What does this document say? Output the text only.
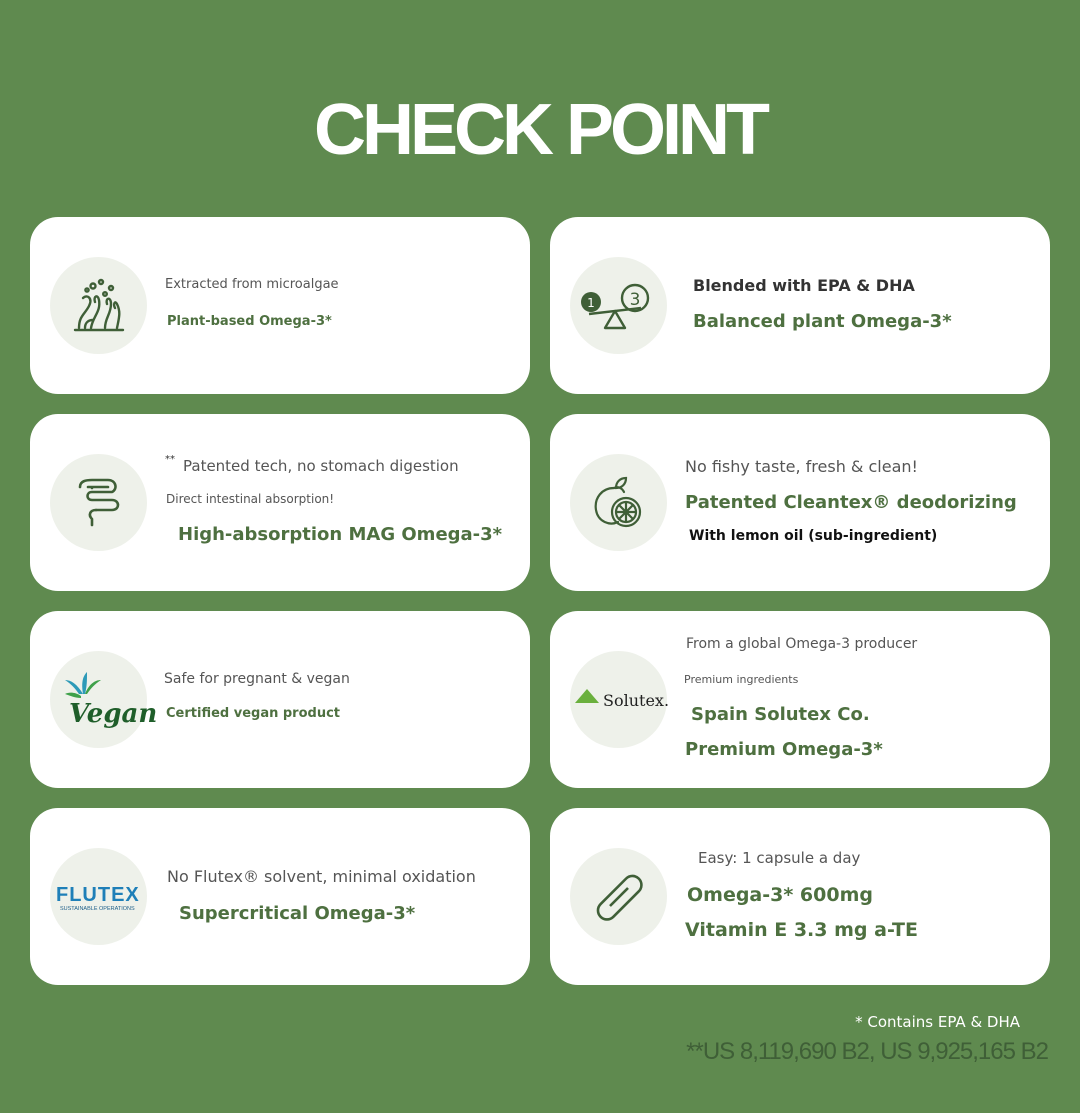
CHECK POINT
Extracted from microalgae
Plant-based Omega-3*
1 3
Blended with EPA & DHA
Balanced plant Omega-3*
** Patented tech, no stomach digestion
Direct intestinal absorption!
High-absorption MAG Omega-3*
No fishy taste, fresh & clean!
Patented Cleantex® deodorizing
With lemon oil (sub-ingredient)
Vegan
Safe for pregnant & vegan
Certified vegan product
Solutex.
From a global Omega-3 producer
Premium ingredients
Spain Solutex Co.
Premium Omega-3*
FLUTEX
SUSTAINABLE OPERATIONS
No Flutex® solvent, minimal oxidation
Supercritical Omega-3*
Easy: 1 capsule a day
Omega-3* 600mg
Vitamin E 3.3 mg a-TE
* Contains EPA & DHA
**US 8,119,690 B2, US 9,925,165 B2
